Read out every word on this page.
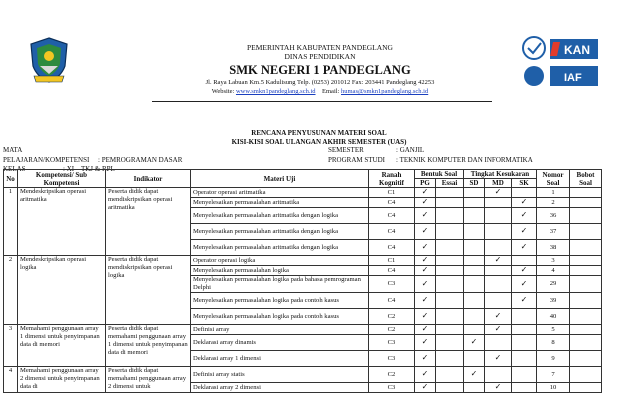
PEMERINTAH KABUPATEN PANDEGLANG
DINAS PENDIDIKAN
SMK NEGERI 1 PANDEGLANG
Jl. Raya Labuan Km.5 Kadulisung Telp. (0253) 201012 Fax: 203441 Pandeglang 42253
Website: www.smkn1pandeglang.sch.id Email: humas@smkn1pandeglang.sch.id
KAN
IAF
RENCANA PENYUSUNAN MATERI SOAL
KISI-KISI SOAL ULANGAN AKHIR SEMESTER (UAS)
MATA PELAJARAN/KOMPETENSI : PEMROGRAMAN DASAR
KELAS	: XI – TKJ & RPL
SEMESTER	: GANJIL
PROGRAM STUDI : TEKNIK KOMPUTER DAN INFORMATIKA
No	Kompetensi/ Sub Kompetensi	Indikator	Materi Uji	Ranah Kognitif	Bentuk Soal		Tingkat Kesukaran			Nomor Soal	Bobot Soal
					PG	Essai	SD	MD	SK		
1	Mendeskripsikan operasi aritmatika	Peserta didik dapat mendiskripsikan operasi aritmatika	Operator operasi aritmatika	C1	✓			✓		1	
			Menyelesaikan permasalahan aritmatika	C4	✓				✓	2	
			Menyelesaikan permasalahan aritmatika dengan logika	C4	✓				✓	36	
			Menyelesaikan permasalahan aritmatika dengan logika	C4	✓				✓	37	
			Menyelesaikan permasalahan aritmatika dengan logika	C4	✓				✓	38	
2	Mendeskripsikan operasi logika	Peserta didik dapat mendiskripsikan operasi logika	Operator operasi logika	C1	✓			✓		3	
			Menyelesaikan permasalahan logika	C4	✓				✓	4	
			Menyelesaikan permasalahan logika pada bahasa pemrograman Delphi	C3	✓				✓	29	
			Menyelesaikan permasalahan logika pada contoh kasus	C4	✓				✓	39	
			Menyelesaikan permasalahan logika pada contoh kasus	C2	✓			✓		40	
3	Memahami penggunaan array 1 dimensi untuk penyimpanan data di memori	Peserta didik dapat memahami penggunaan array 1 dimensi untuk penyimpanan data di memori	Definisi array	C2	✓			✓		5	
			Deklarasi array dinamis	C3	✓		✓			8	
			Deklarasi array 1 dimensi	C3	✓			✓		9	
4	Memahami penggunaan array 2 dimensi untuk penyimpanan data di	Peserta didik dapat memahami penggunaan array 2 dimensi untuk	Definisi array statis	C2	✓		✓			7	
			Deklarasi array 2 dimensi	C3	✓			✓		10	
